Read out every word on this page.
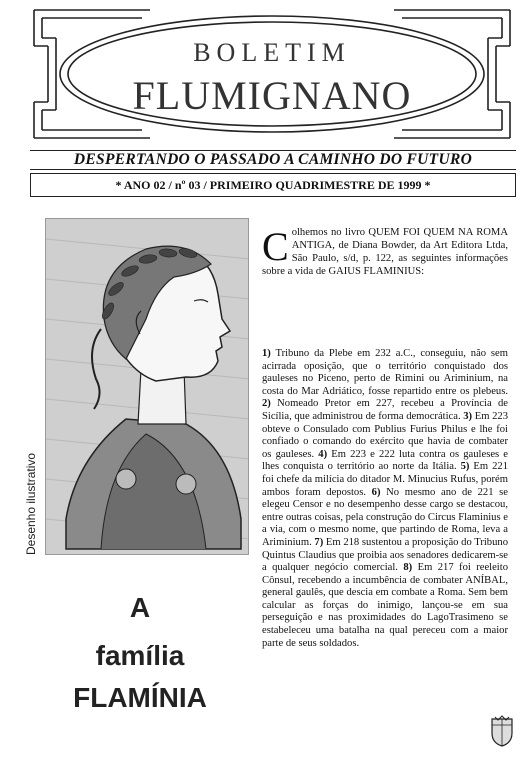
BOLETIM
FLUMIGNANO
DESPERTANDO O PASSADO A CAMINHO DO FUTURO
* ANO 02 / nº 03 / PRIMEIRO QUADRIMESTRE DE 1999 *
Desenho ilustrativo
A
família
FLAMÍNIA
Colhemos no livro QUEM FOI QUEM NA ROMA ANTIGA, de Diana Bowder, da Art Editora Ltda, São Paulo, s/d, p. 122, as seguintes informações sobre a vida de GAIUS FLAMINIUS:
1) Tribuno da Plebe em 232 a.C., conseguiu, não sem acirrada oposição, que o território conquistado dos gauleses no Piceno, perto de Rimini ou Ariminium, na costa do Mar Adriático, fosse repartido entre os plebeus. 2) Nomeado Pretor em 227, recebeu a Província de Sicília, que administrou de forma democrática. 3) Em 223 obteve o Consulado com Publius Furius Philus e lhe foi confiado o comando do exército que havia de combater os gauleses. 4) Em 223 e 222 luta contra os gauleses e lhes conquista o território ao norte da Itália. 5) Em 221 foi chefe da milícia do ditador M. Minucius Rufus, porém ambos foram depostos. 6) No mesmo ano de 221 se elegeu Censor e no desempenho desse cargo se destacou, entre outras coisas, pela construção do Circus Flaminius e a via, com o mesmo nome, que partindo de Roma, leva a Ariminium. 7) Em 218 sustentou a proposição do Tribuno Quintus Claudius que proibia aos senadores dedicarem-se a qualquer negócio comercial. 8) Em 217 foi reeleito Cônsul, recebendo a incumbência de combater ANÍBAL, general gaulês, que descia em combate a Roma. Sem bem calcular as forças do inimigo, lançou-se em sua perseguição e nas proximidades do LagoTrasimeno se estabeleceu uma batalha na qual pereceu com a maior parte de seus soldados.
